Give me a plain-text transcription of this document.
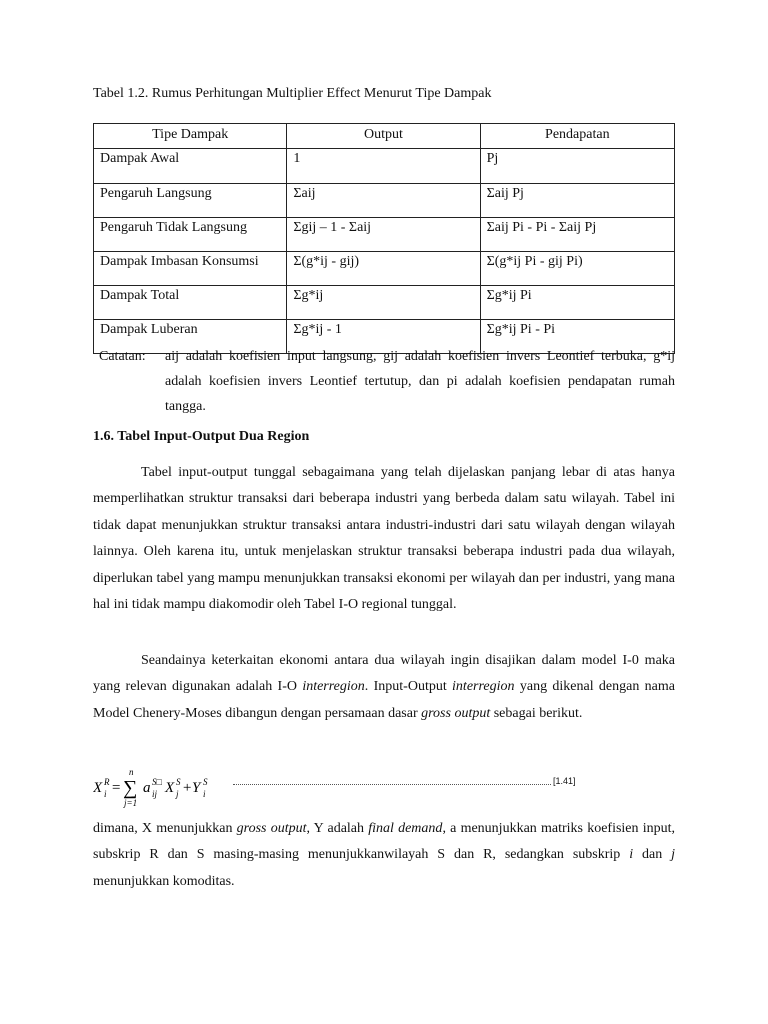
Tabel 1.2. Rumus Perhitungan Multiplier Effect Menurut Tipe Dampak
Tipe Dampak	Output	Pendapatan
Dampak Awal	1	Pj
Pengaruh Langsung	Σaij	Σaij Pj
Pengaruh Tidak Langsung	Σgij – 1 - Σaij	Σaij Pi - Pi - Σaij Pj
Dampak Imbasan Konsumsi	Σ(g*ij - gij)	Σ(g*ij Pi - gij Pi)
Dampak Total	Σg*ij	Σg*ij Pi
Dampak Luberan	Σg*ij - 1	Σg*ij Pi - Pi
Catatan: aij adalah koefisien input langsung, gij adalah koefisien invers Leontief terbuka, g*ij adalah koefisien invers Leontief tertutup, dan pi adalah koefisien pendapatan rumah tangga.
1.6. Tabel Input-Output Dua Region
Tabel input-output tunggal sebagaimana yang telah dijelaskan panjang lebar di atas hanya memperlihatkan struktur transaksi dari beberapa industri yang berbeda dalam satu wilayah. Tabel ini tidak dapat menunjukkan struktur transaksi antara industri-industri dari satu wilayah dengan wilayah lainnya. Oleh karena itu, untuk menjelaskan struktur transaksi beberapa industri pada dua wilayah, diperlukan tabel yang mampu menunjukkan transaksi ekonomi per wilayah dan per industri, yang mana hal ini tidak mampu diakomodir oleh Tabel I-O regional tunggal.
Seandainya keterkaitan ekonomi antara dua wilayah ingin disajikan dalam model I-0 maka yang relevan digunakan adalah I-O interregion. Input-Output interregion yang dikenal dengan nama Model Chenery-Moses dibangun dengan persamaan dasar gross output sebagai berikut.
X R
i = ∑
n
j=1
a S□
ij X S
j + Y S
i
[1.41]
dimana, X menunjukkan gross output, Y adalah final demand, a menunjukkan matriks koefisien input, subskrip R dan S masing-masing menunjukkanwilayah S dan R, sedangkan subskrip i dan j menunjukkan komoditas.
